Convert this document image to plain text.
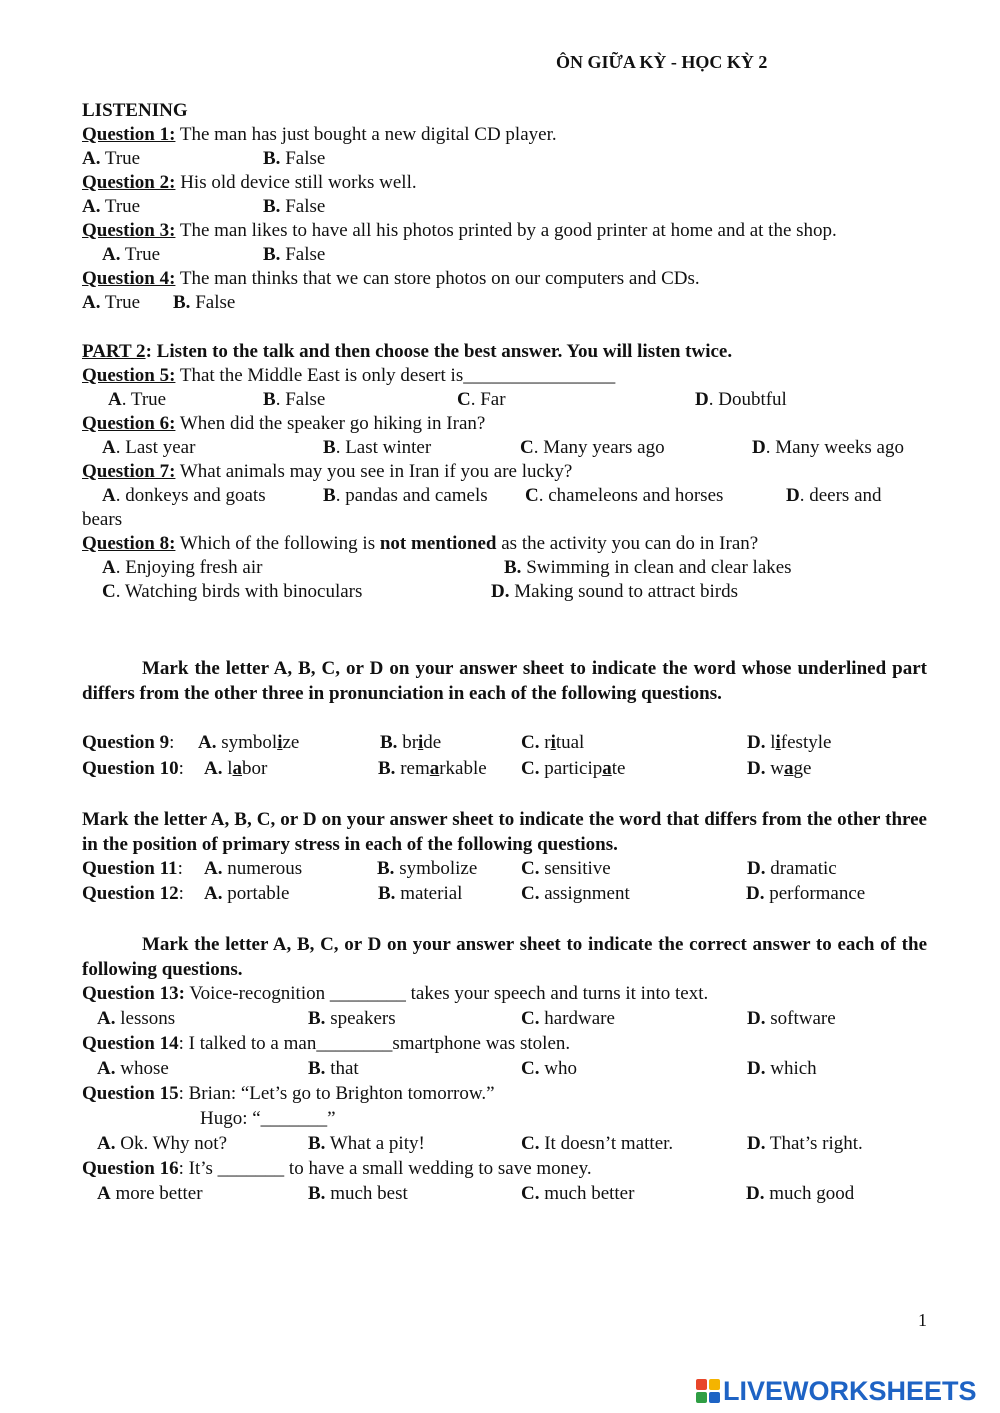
ÔN GIỮA KỲ - HỌC KỲ 2
LISTENING
Question 1: The man has just bought a new digital CD player.
A. True	B. False
Question 2: His old device still works well.
A. True	B. False
Question 3: The man likes to have all his photos printed by a good printer at home and at the shop.
A. True	B. False
Question 4: The man thinks that we can store photos on our computers and CDs.
A. True B. False
PART 2: Listen to the talk and then choose the best answer. You will listen twice.
Question 5: That the Middle East is only desert is________________
A. True	B. False	C. Far	D. Doubtful
Question 6: When did the speaker go hiking in Iran?
A. Last year	B. Last winter	C. Many years ago	D. Many weeks ago
Question 7: What animals may you see in Iran if you are lucky?
A. donkeys and goats	B. pandas and camels C. chameleons and horses	D. deers and
bears
Question 8: Which of the following is not mentioned as the activity you can do in Iran?
A. Enjoying fresh air	B. Swimming in clean and clear lakes
C. Watching birds with binoculars	D. Making sound to attract birds
Mark the letter A, B, C, or D on your answer sheet to indicate the word whose underlined part differs from the other three in pronunciation in each of the following questions.
Question 9: A. symbolize	B. bride	C. ritual	D. lifestyle
Question 10: A. labor	B. remarkable C. participate	D. wage
Mark the letter A, B, C, or D on your answer sheet to indicate the word that differs from the other three in the position of primary stress in each of the following questions.
Question 11: A. numerous	B. symbolize C. sensitive	D. dramatic
Question 12: A. portable	B. material	C. assignment	D. performance
Mark the letter A, B, C, or D on your answer sheet to indicate the correct answer to each of the following questions.
Question 13: Voice-recognition ________ takes your speech and turns it into text.
A. lessons	B. speakers	C. hardware	D. software
Question 14: I talked to a man________smartphone was stolen.
A. whose	B. that	C. who	D. which
Question 15: Brian: “Let’s go to Brighton tomorrow.”
Hugo: “_______”
A. Ok. Why not?	B. What a pity!	C. It doesn’t matter.	D. That’s right.
Question 16: It’s _______ to have a small wedding to save money.
A more better	B. much best	C. much better	D. much good
1
LIVEWORKSHEETS
